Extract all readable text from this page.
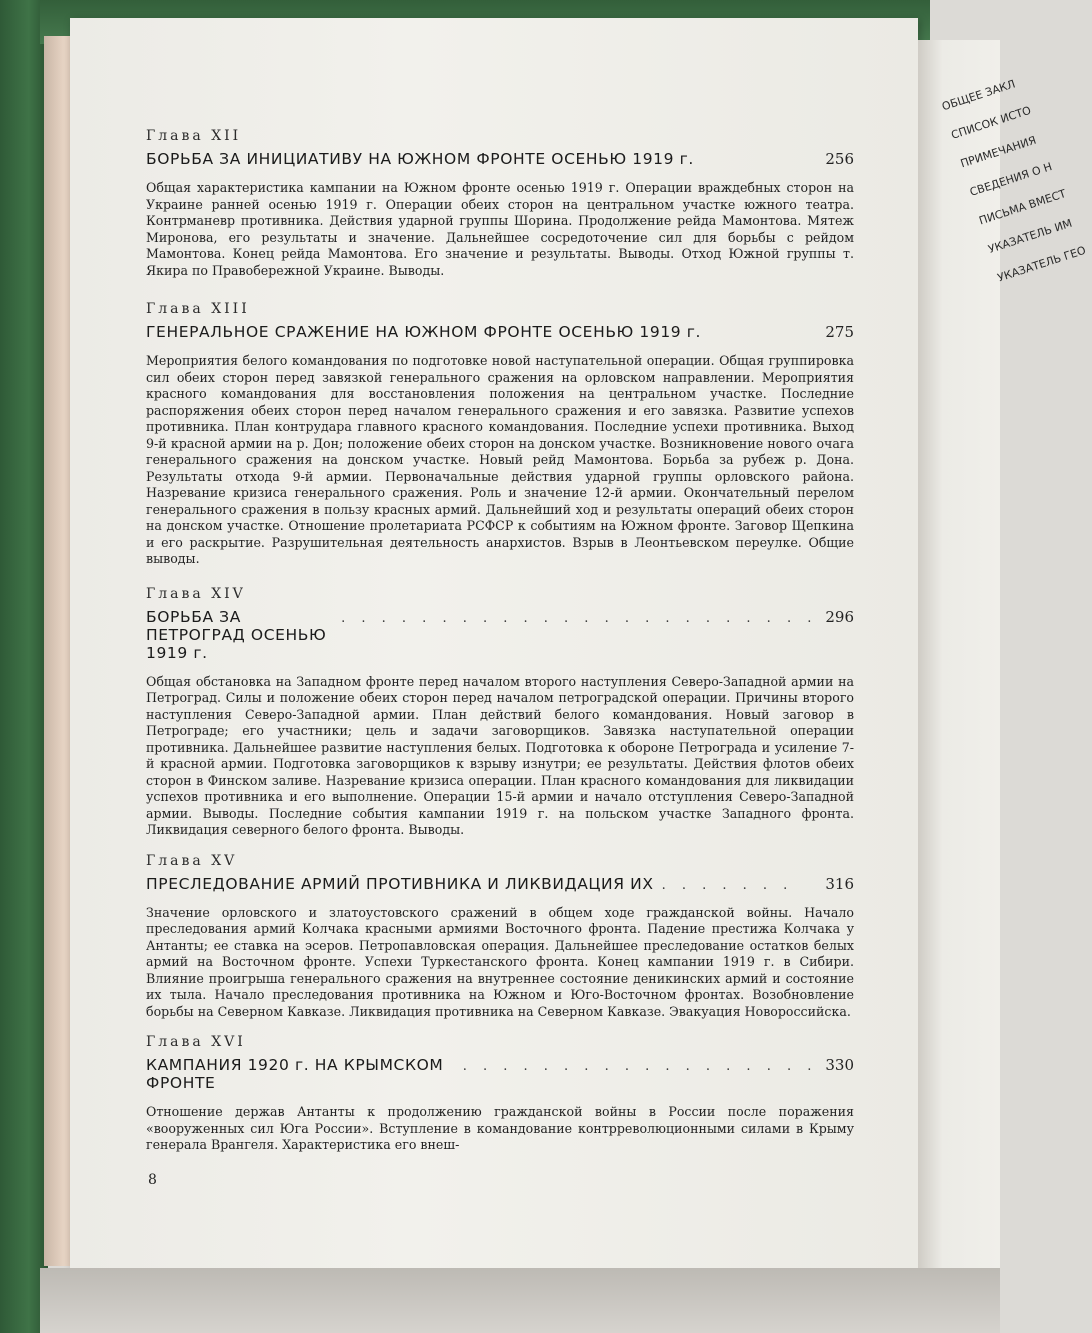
ОБЩЕЕ ЗАКЛ
СПИСОК ИСТО
ПРИМЕЧАНИЯ
СВЕДЕНИЯ О Н
ПИСЬМА ВМЕСТ
УКАЗАТЕЛЬ ИМ
УКАЗАТЕЛЬ ГЕО
Глава XII
БОРЬБА ЗА ИНИЦИАТИВУ НА ЮЖНОМ ФРОНТЕ ОСЕНЬЮ 1919 г.	256
Общая характеристика кампании на Южном фронте осенью 1919 г. Операции враждебных сторон на Украине ранней осенью 1919 г. Операции обеих сторон на центральном участке южного театра. Контрманевр противника. Действия ударной группы Шорина. Продолжение рейда Мамонтова. Мятеж Миронова, его результаты и значение. Дальнейшее сосредоточение сил для борьбы с рейдом Мамонтова. Конец рейда Мамонтова. Его значение и результаты. Выводы. Отход Южной группы т. Якира по Правобережной Украине. Выводы.
Глава XIII
ГЕНЕРАЛЬНОЕ СРАЖЕНИЕ НА ЮЖНОМ ФРОНТЕ ОСЕНЬЮ 1919 г.	275
Мероприятия белого командования по подготовке новой наступательной операции. Общая группировка сил обеих сторон перед завязкой генерального сражения на орловском направлении. Мероприятия красного командования для восстановления положения на центральном участке. Последние распоряжения обеих сторон перед началом генерального сражения и его завязка. Развитие успехов противника. План контрудара главного красного командования. Последние успехи противника. Выход 9-й красной армии на р. Дон; положение обеих сторон на донском участке. Возникновение нового очага генерального сражения на донском участке. Новый рейд Мамонтова. Борьба за рубеж р. Дона. Результаты отхода 9-й армии. Первоначальные действия ударной группы орловского района. Назревание кризиса генерального сражения. Роль и значение 12-й армии. Окончательный перелом генерального сражения в пользу красных армий. Дальнейший ход и результаты операций обеих сторон на донском участке. Отношение пролетариата РСФСР к событиям на Южном фронте. Заговор Щепкина и его раскрытие. Разрушительная деятельность анархистов. Взрыв в Леонтьевском переулке. Общие выводы.
Глава XIV
БОРЬБА ЗА ПЕТРОГРАД ОСЕНЬЮ 1919 г.
. . . . . . . . . . . . . . . . . . . . . . . . 296
Общая обстановка на Западном фронте перед началом второго наступления Северо-Западной армии на Петроград. Силы и положение обеих сторон перед началом петроградской операции. Причины второго наступления Северо-Западной армии. План действий белого командования. Новый заговор в Петрограде; его участники; цель и задачи заговорщиков. Завязка наступательной операции противника. Дальнейшее развитие наступления белых. Подготовка к обороне Петрограда и усиление 7-й красной армии. Подготовка заговорщиков к взрыву изнутри; ее результаты. Действия флотов обеих сторон в Финском заливе. Назревание кризиса операции. План красного командования для ликвидации успехов противника и его выполнение. Операции 15-й армии и начало отступления Северо-Западной армии. Выводы. Последние события кампании 1919 г. на польском участке Западного фронта. Ликвидация северного белого фронта. Выводы.
Глава XV
ПРЕСЛЕДОВАНИЕ АРМИЙ ПРОТИВНИКА И ЛИКВИДАЦИЯ ИХ . . . . . . .	316
Значение орловского и златоустовского сражений в общем ходе гражданской войны. Начало преследования армий Колчака красными армиями Восточного фронта. Падение престижа Колчака у Антанты; ее ставка на эсеров. Петропавловская операция. Дальнейшее преследование остатков белых армий на Восточном фронте. Успехи Туркестанского фронта. Конец кампании 1919 г. в Сибири. Влияние проигрыша генерального сражения на внутреннее состояние деникинских армий и состояние их тыла. Начало преследования противника на Южном и Юго-Восточном фронтах. Возобновление борьбы на Северном Кавказе. Ликвидация противника на Северном Кавказе. Эвакуация Новороссийска.
Глава XVI
КАМПАНИЯ 1920 г. НА КРЫМСКОМ ФРОНТЕ
. . . . . . . . . . . . . . . . . . 330
Отношение держав Антанты к продолжению гражданской войны в России после поражения «вооруженных сил Юга России». Вступление в командование контрреволюционными силами в Крыму генерала Врангеля. Характеристика его внеш-
8
